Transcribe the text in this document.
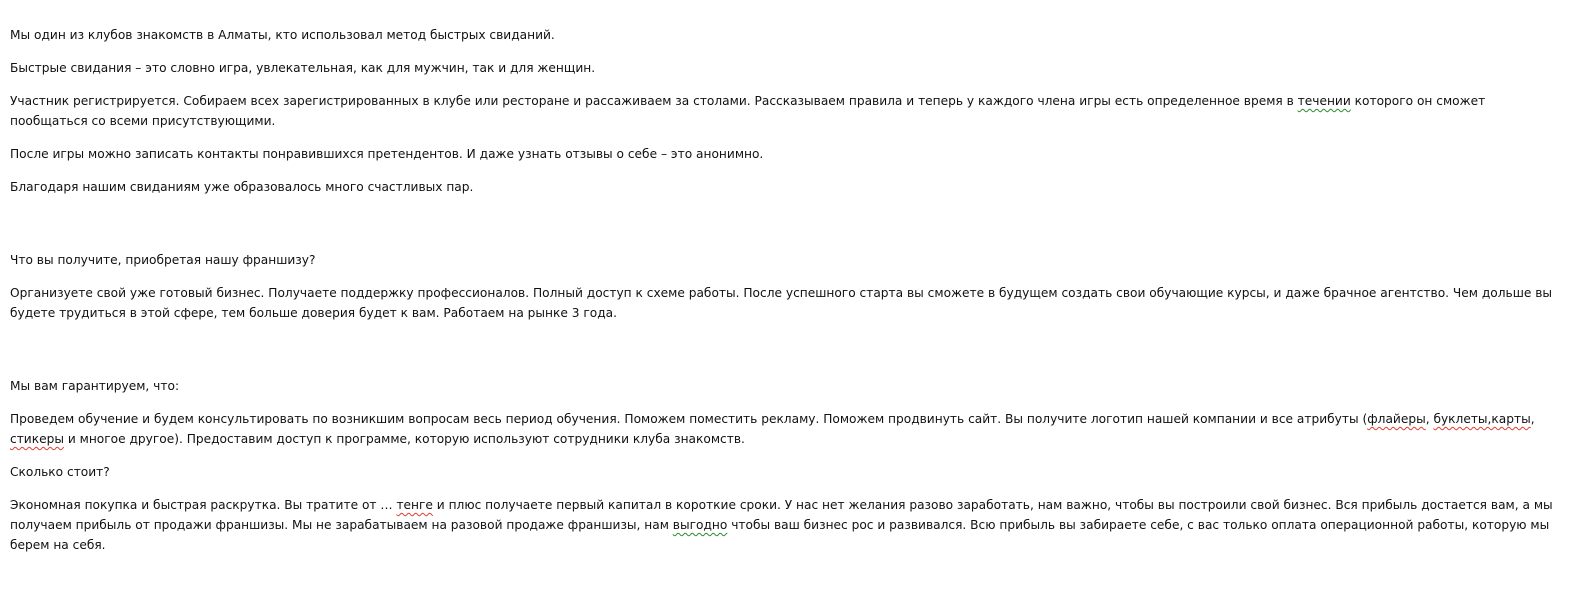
Мы один из клубов знакомств в Алматы, кто использовал метод быстрых свиданий.

Быстрые свидания – это словно игра, увлекательная, как для мужчин, так и для женщин.

Участник регистрируется. Собираем всех зарегистрированных в клубе или ресторане и рассаживаем за столами. Рассказываем правила и теперь у каждого члена игры есть определенное время в течении которого он сможет пообщаться со всеми присутствующими.

После игры можно записать контакты понравившихся претендентов. И даже узнать отзывы о себе – это анонимно.

Благодаря нашим свиданиям уже образовалось много счастливых пар.

Что вы получите, приобретая нашу франшизу?

Организуете свой уже готовый бизнес. Получаете поддержку профессионалов. Полный доступ к схеме работы. После успешного старта вы сможете в будущем создать свои обучающие курсы, и даже брачное агентство. Чем дольше вы будете трудиться в этой сфере, тем больше доверия будет к вам. Работаем на рынке 3 года.

Мы вам гарантируем, что:

Проведем обучение и будем консультировать по возникшим вопросам весь период обучения. Поможем поместить рекламу. Поможем продвинуть сайт. Вы получите логотип нашей компании и все атрибуты (флайеры, буклеты,карты, стикеры и многое другое). Предоставим доступ к программе, которую используют сотрудники клуба знакомств.

Сколько стоит?

Экономная покупка и быстрая раскрутка. Вы тратите от … тенге и плюс получаете первый капитал в короткие сроки. У нас нет желания разово заработать, нам важно, чтобы вы построили свой бизнес. Вся прибыль достается вам, а мы получаем прибыль от продажи франшизы. Мы не зарабатываем на разовой продаже франшизы, нам выгодно чтобы ваш бизнес рос и развивался. Всю прибыль вы забираете себе, с вас только оплата операционной работы, которую мы берем на себя.
